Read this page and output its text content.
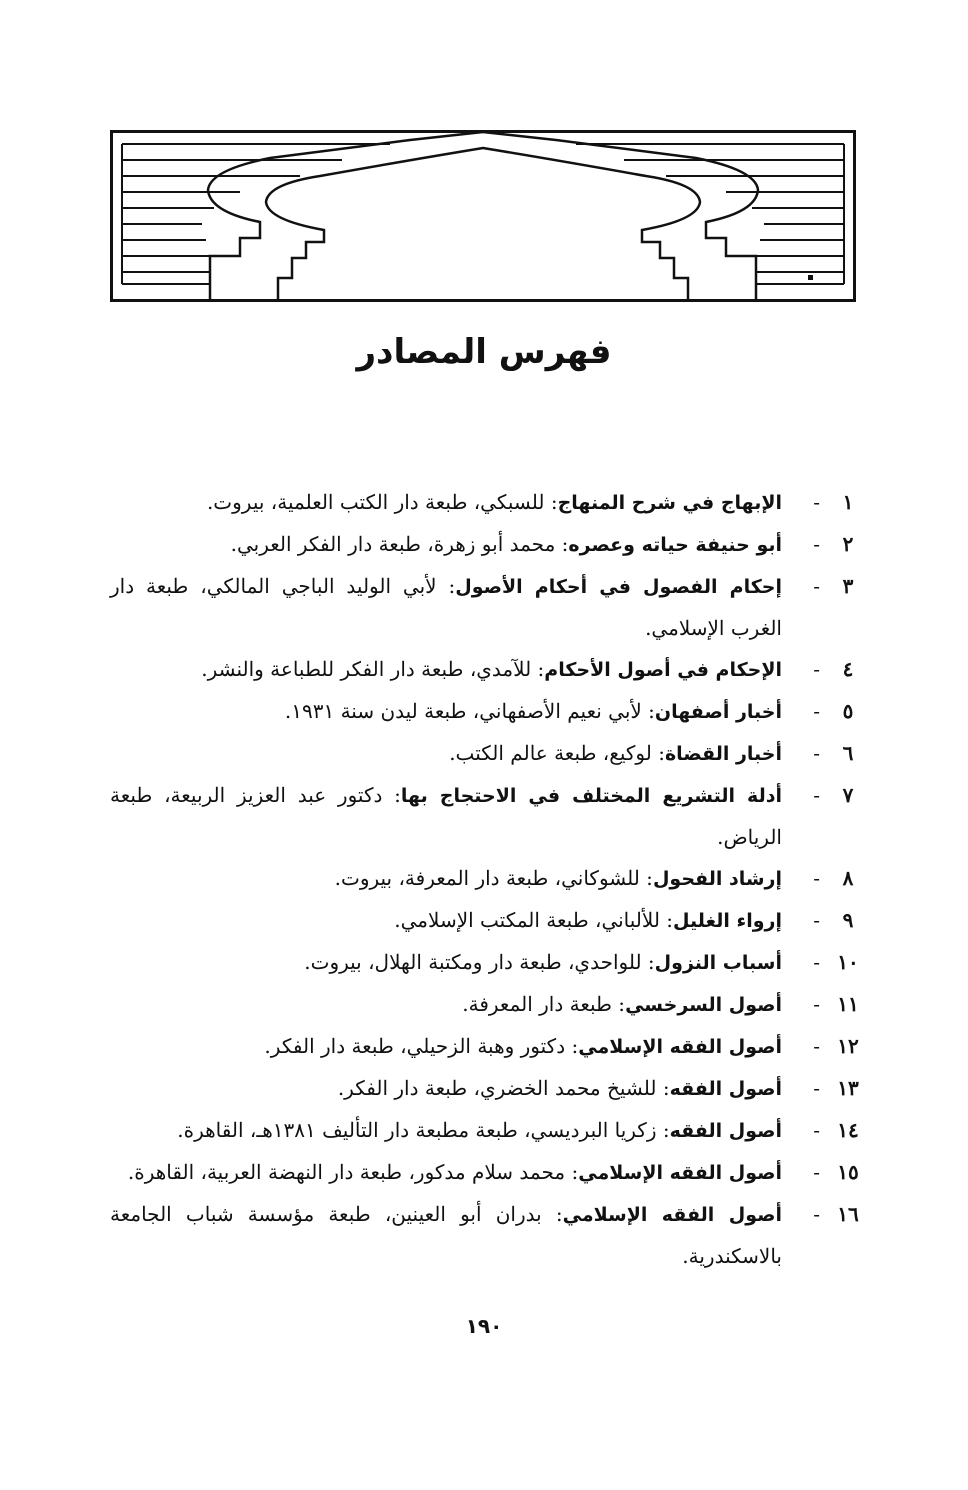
فهرس المصادر
١
-
الإبهاج في شرح المنهاج: للسبكي، طبعة دار الكتب العلمية، بيروت.
٢
-
أبو حنيفة حياته وعصره: محمد أبو زهرة، طبعة دار الفكر العربي.
٣
-
إحكام الفصول في أحكام الأصول: لأبي الوليد الباجي المالكي، طبعة دار الغرب الإسلامي.
٤
-
الإحكام في أصول الأحكام: للآمدي، طبعة دار الفكر للطباعة والنشر.
٥
-
أخبار أصفهان: لأبي نعيم الأصفهاني، طبعة ليدن سنة ١٩٣١.
٦
-
أخبار القضاة: لوكيع، طبعة عالم الكتب.
٧
-
أدلة التشريع المختلف في الاحتجاج بها: دكتور عبد العزيز الربيعة، طبعة الرياض.
٨
-
إرشاد الفحول: للشوكاني، طبعة دار المعرفة، بيروت.
٩
-
إرواء الغليل: للألباني، طبعة المكتب الإسلامي.
١٠
-
أسباب النزول: للواحدي، طبعة دار ومكتبة الهلال، بيروت.
١١
-
أصول السرخسي: طبعة دار المعرفة.
١٢
-
أصول الفقه الإسلامي: دكتور وهبة الزحيلي، طبعة دار الفكر.
١٣
-
أصول الفقه: للشيخ محمد الخضري، طبعة دار الفكر.
١٤
-
أصول الفقه: زكريا البرديسي، طبعة مطبعة دار التأليف ١٣٨١هـ، القاهرة.
١٥
-
أصول الفقه الإسلامي: محمد سلام مدكور، طبعة دار النهضة العربية، القاهرة.
١٦
-
أصول الفقه الإسلامي: بدران أبو العينين، طبعة مؤسسة شباب الجامعة بالاسكندرية.
١٩٠
